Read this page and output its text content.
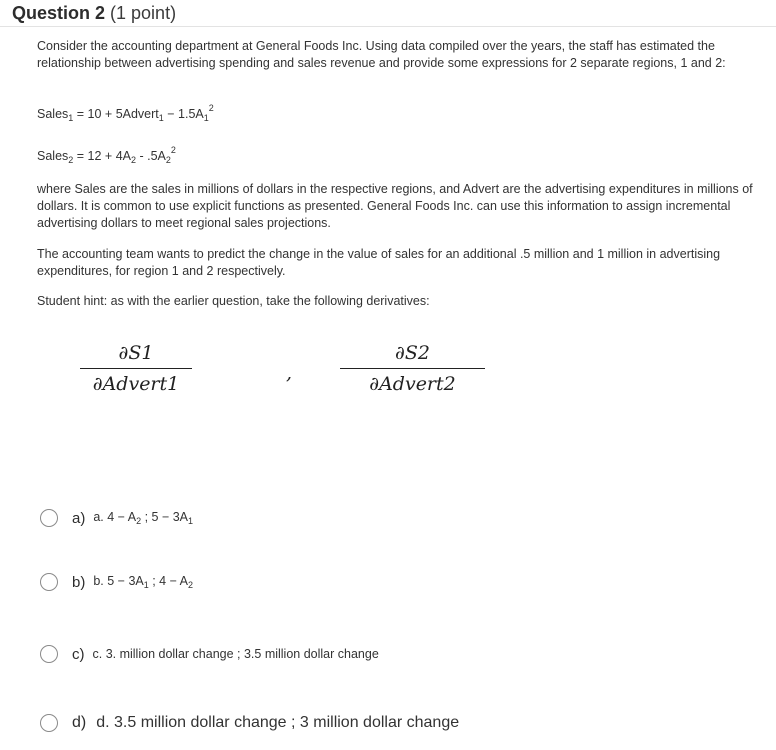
Question 2 (1 point)
Consider the accounting department at General Foods Inc. Using data compiled over the years, the staff has estimated the relationship between advertising spending and sales revenue and provide some expressions for 2 separate regions, 1 and 2:
Sales$_1$ = 10 + 5Advert$_1$ − $1.5A_1^2$
Sales$_2$ = $12 + 4A_2 - .5A_2^2$
where Sales are the sales in millions of dollars in the respective regions, and Advert are the advertising expenditures in millions of dollars. It is common to use explicit functions as presented. General Foods Inc. can use this information to assign incremental advertising dollars to meet regional sales projections.
The accounting team wants to predict the change in the value of sales for an additional .5 million and 1 million in advertising expenditures, for region 1 and 2 respectively.
Student hint: as with the earlier question, take the following derivatives:
∂S1
∂Advert1	,
∂S2
∂Advert2
a) a. $4 - A_2$ ; $5 - 3A_1$
b) b. $5 - 3A_1$ ; $4 - A_2$
c) c. 3. million dollar change ; 3.5 million dollar change
d) d. 3.5 million dollar change ; 3 million dollar change
